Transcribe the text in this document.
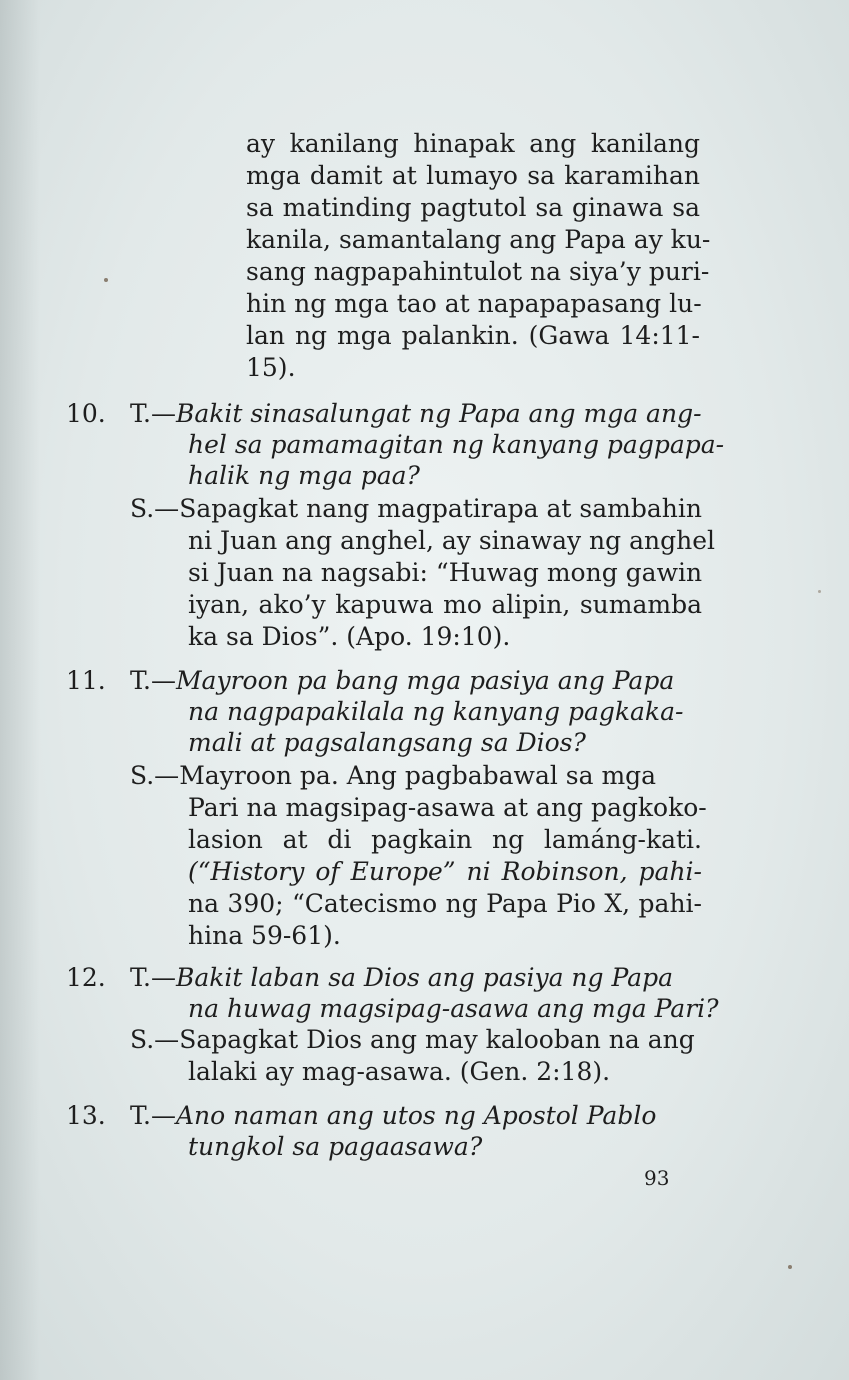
ay kanilang hinapak ang kanilang
mga damit at lumayo sa karamihan
sa matinding pagtutol sa ginawa sa
kanila, samantalang ang Papa ay ku-
sang nagpapahintulot na siya’y puri-
hin ng mga tao at napapapasang lu-
lan ng mga palankin. (Gawa 14:11-
15).
10. T.—Bakit sinasalungat ng Papa ang mga ang-
hel sa pamamagitan ng kanyang pagpapa-
halik ng mga paa?
S.—Sapagkat nang magpatirapa at sambahin
ni Juan ang anghel, ay sinaway ng anghel
si Juan na nagsabi: “Huwag mong gawin
iyan, ako’y kapuwa mo alipin, sumamba
ka sa Dios”. (Apo. 19:10).
11. T.—Mayroon pa bang mga pasiya ang Papa
na nagpapakilala ng kanyang pagkaka-
mali at pagsalangsang sa Dios?
S.—Mayroon pa. Ang pagbabawal sa mga
Pari na magsipag-asawa at ang pagkoko-
lasion at di pagkain ng lamáng-kati.
(“History of Europe” ni Robinson, pahi-
na 390; “Catecismo ng Papa Pio X, pahi-
hina 59-61).
12. T.—Bakit laban sa Dios ang pasiya ng Papa
na huwag magsipag-asawa ang mga Pari?
S.—Sapagkat Dios ang may kalooban na ang
lalaki ay mag-asawa. (Gen. 2:18).
13. T.—Ano naman ang utos ng Apostol Pablo
tungkol sa pagaasawa?
93
